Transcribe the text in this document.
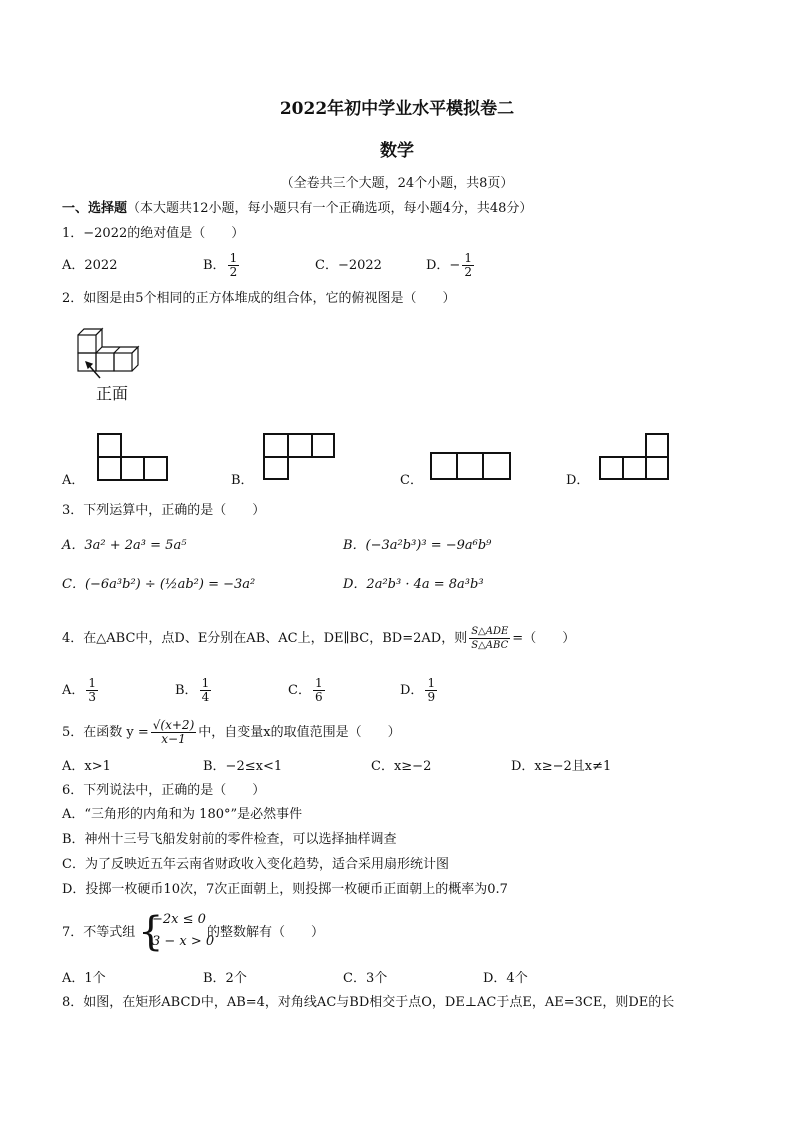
2022年初中学业水平模拟卷二
数学
（全卷共三个大题，24个小题，共8页）
一、选择题（本大题共12小题，每小题只有一个正确选项，每小题4分，共48分）
1．−2022的绝对值是（　　）
A．2022	B． $\frac{1}{2}$	C．−2022	D．− $\frac{1}{2}$
2．如图是由5个相同的正方体堆成的组合体，它的俯视图是（　　）
正面
A．	B．	C．	D．
3．下列运算中，正确的是（　　）
A．3a² + 2a³ = 5a⁵	B．(−3a²b³)³ = −9a⁶b⁹
C．(−6a³b²) ÷ (½ab²) = −3a²	D．2a²b³ · 4a = 8a³b³
4．在△ABC中，点D、E分别在AB、AC上，DE∥BC，BD=2AD，则 $\frac{\text{S△ADE}}{\text{S△ABC}}$ =（　　）
A． $\frac{1}{3}$	B． $\frac{1}{4}$	C． $\frac{1}{6}$	D． $\frac{1}{9}$
5．在函数 $y = \frac{√(x+2)}{x-1}$ 中，自变量x的取值范围是（　　）
A．x>1	B．−2≤x<1	C．x≥−2	D．x≥−2且x≠1
6．下列说法中，正确的是（　　）
A．“三角形的内角和为 180°”是必然事件
B．神州十三号飞船发射前的零件检查，可以选择抽样调查
C．为了反映近五年云南省财政收入变化趋势，适合采用扇形统计图
D．投掷一枚硬币10次，7次正面朝上，则投掷一枚硬币正面朝上的概率为0.7
7．不等式组 {
−2x ≤ 0
3 − x > 0
的整数解有（　　）
A．1个	B．2个	C．3个	D．4个
8．如图，在矩形ABCD中，AB=4，对角线AC与BD相交于点O，DE⊥AC于点E，AE=3CE，则DE的长
